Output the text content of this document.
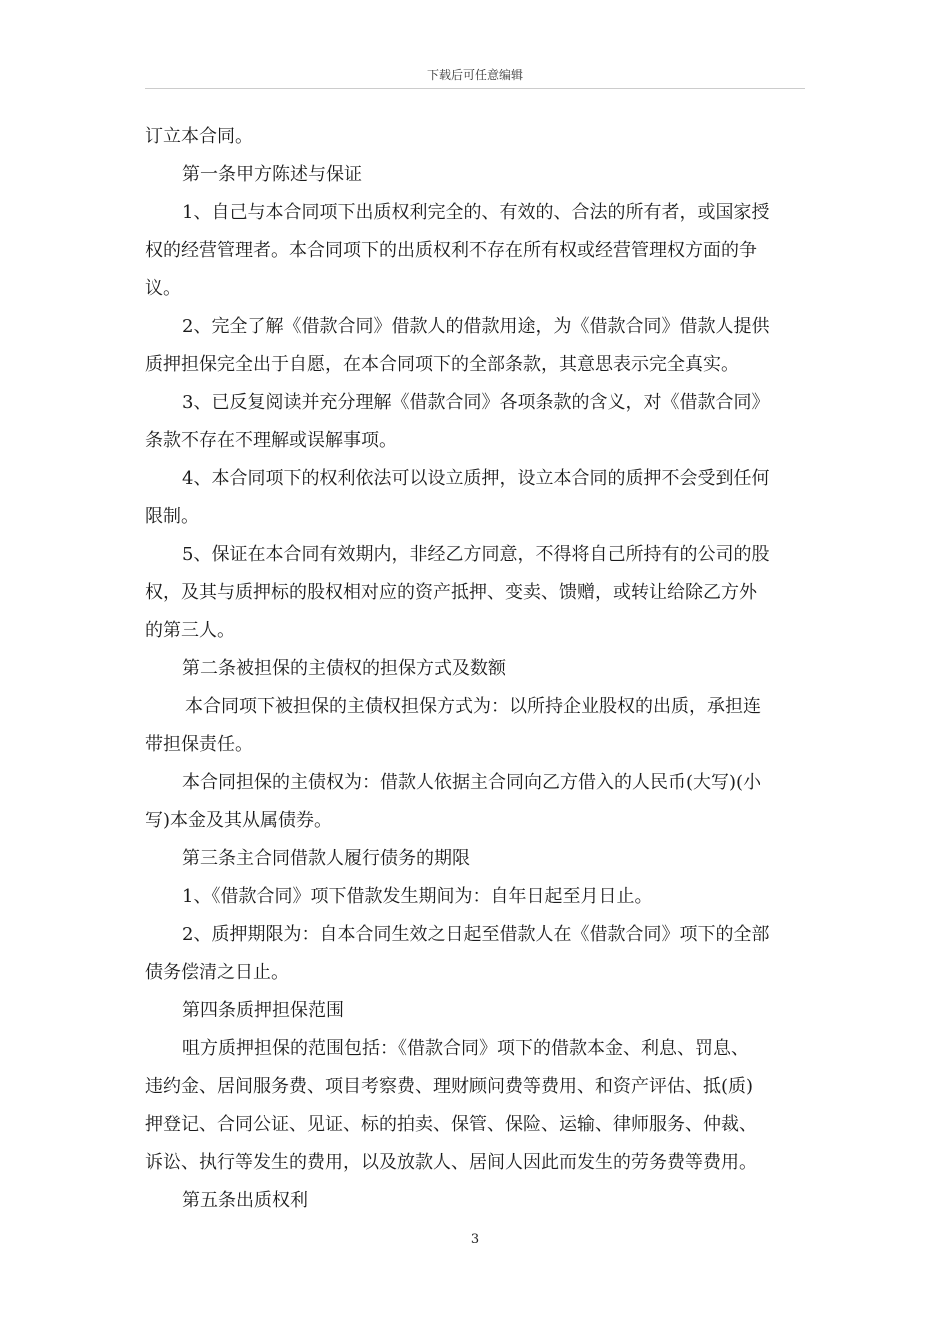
下载后可任意编辑
订立本合同。
第一条甲方陈述与保证
1、自己与本合同项下出质权利完全的、有效的、合法的所有者，或国家授
权的经营管理者。本合同项下的出质权利不存在所有权或经营管理权方面的争
议。
2、完全了解《借款合同》借款人的借款用途，为《借款合同》借款人提供
质押担保完全出于自愿，在本合同项下的全部条款，其意思表示完全真实。
3、已反复阅读并充分理解《借款合同》各项条款的含义，对《借款合同》
条款不存在不理解或误解事项。
4、本合同项下的权利依法可以设立质押，设立本合同的质押不会受到任何
限制。
5、保证在本合同有效期内，非经乙方同意，不得将自己所持有的公司的股
权，及其与质押标的股权相对应的资产抵押、变卖、馈赠，或转让给除乙方外
的第三人。
第二条被担保的主债权的担保方式及数额
本合同项下被担保的主债权担保方式为：以所持企业股权的出质，承担连
带担保责任。
本合同担保的主债权为：借款人依据主合同向乙方借入的人民币(大写)(小
写)本金及其从属债券。
第三条主合同借款人履行债务的期限
1、《借款合同》项下借款发生期间为：自年日起至月日止。
2、质押期限为：自本合同生效之日起至借款人在《借款合同》项下的全部
债务偿清之日止。
第四条质押担保范围
咀方质押担保的范围包括：《借款合同》项下的借款本金、利息、罚息、
违约金、居间服务费、项目考察费、理财顾问费等费用、和资产评估、抵(质)
押登记、合同公证、见证、标的拍卖、保管、保险、运输、律师服务、仲裁、
诉讼、执行等发生的费用，以及放款人、居间人因此而发生的劳务费等费用。
第五条出质权利
3
